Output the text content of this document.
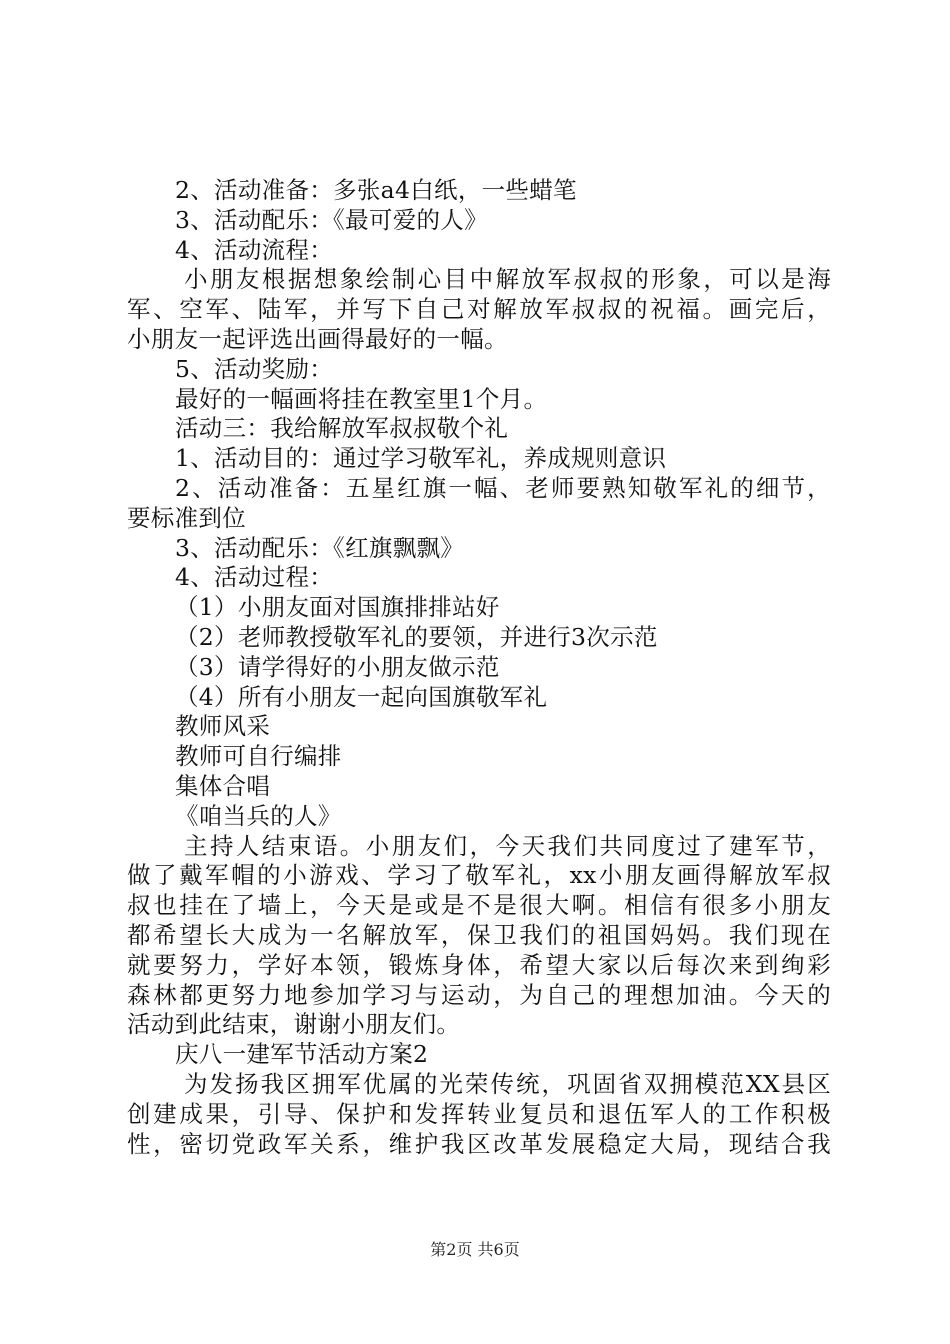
2、活动准备：多张a4白纸，一些蜡笔
3、活动配乐：《最可爱的人》
4、活动流程：
小朋友根据想象绘制心目中解放军叔叔的形象，可以是海
军、空军、陆军，并写下自己对解放军叔叔的祝福。画完后，
小朋友一起评选出画得最好的一幅。
5、活动奖励：
最好的一幅画将挂在教室里1个月。
活动三：我给解放军叔叔敬个礼
1、活动目的：通过学习敬军礼，养成规则意识
2、活动准备：五星红旗一幅、老师要熟知敬军礼的细节，
要标准到位
3、活动配乐：《红旗飘飘》
4、活动过程：
（1）小朋友面对国旗排排站好
（2）老师教授敬军礼的要领，并进行3次示范
（3）请学得好的小朋友做示范
（4）所有小朋友一起向国旗敬军礼
教师风采
教师可自行编排
集体合唱
《咱当兵的人》
主持人结束语。小朋友们，今天我们共同度过了建军节，
做了戴军帽的小游戏、学习了敬军礼，xx小朋友画得解放军叔
叔也挂在了墙上，今天是或是不是很大啊。相信有很多小朋友
都希望长大成为一名解放军，保卫我们的祖国妈妈。我们现在
就要努力，学好本领，锻炼身体，希望大家以后每次来到绚彩
森林都更努力地参加学习与运动，为自己的理想加油。今天的
活动到此结束，谢谢小朋友们。
庆八一建军节活动方案2
为发扬我区拥军优属的光荣传统，巩固省双拥模范XX县区
创建成果，引导、保护和发挥转业复员和退伍军人的工作积极
性，密切党政军关系，维护我区改革发展稳定大局，现结合我
第2页 共6页
